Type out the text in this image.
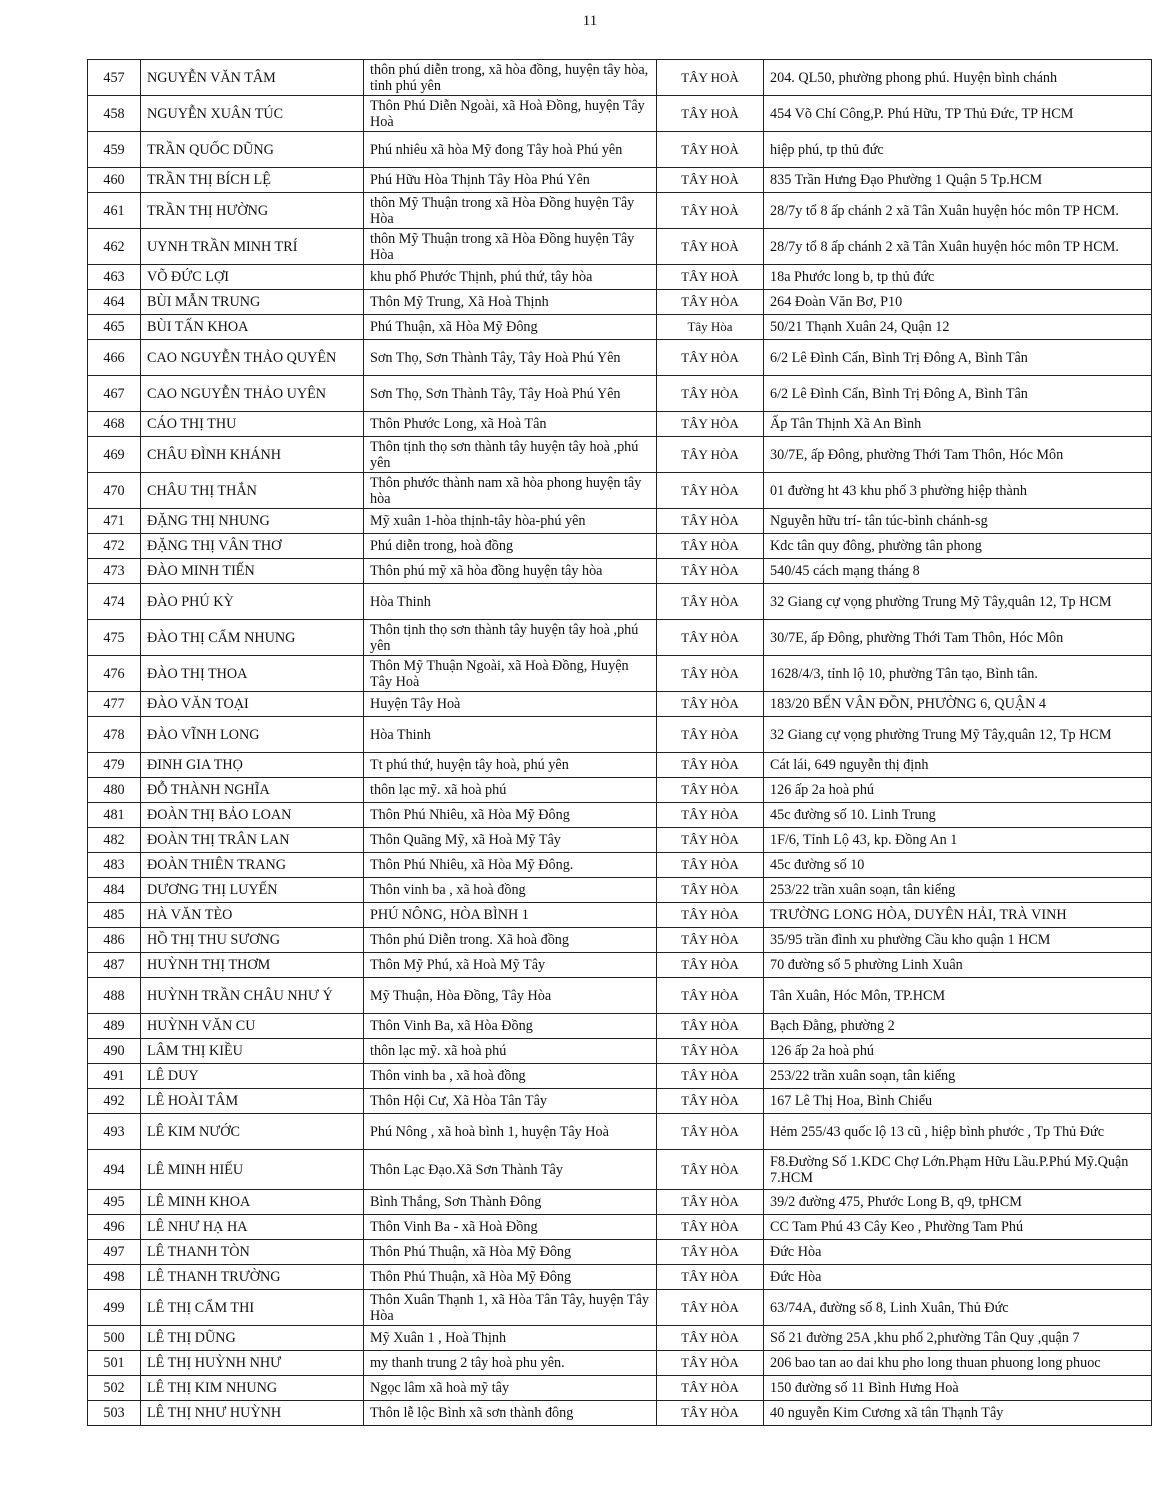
11
457	NGUYỄN VĂN TÂM	thôn phú diễn trong, xã hòa đồng, huyện tây hòa, tỉnh phú yên	TÂY HOÀ	204. QL50, phường phong phú. Huyện bình chánh
458	NGUYỄN XUÂN TÚC	Thôn Phú Diễn Ngoài, xã Hoà Đồng, huyện Tây Hoà	TÂY HOÀ	454 Võ Chí Công,P. Phú Hữu, TP Thủ Đức, TP HCM
459	TRẦN QUỐC DŨNG	Phú nhiêu xã hòa Mỹ đong Tây hoà Phú yên	TÂY HOÀ	hiệp phú, tp thủ đức
460	TRẦN THỊ BÍCH LỆ	Phú Hữu Hòa Thịnh Tây Hòa Phú Yên	TÂY HOÀ	835 Trần Hưng Đạo Phường 1 Quận 5 Tp.HCM
461	TRẦN THỊ HƯỜNG	thôn Mỹ Thuận trong xã Hòa Đồng huyện Tây Hòa	TÂY HOÀ	28/7y tổ 8 ấp chánh 2 xã Tân Xuân huyện hóc môn TP HCM.
462	UYNH TRẦN MINH TRÍ	thôn Mỹ Thuận trong xã Hòa Đồng huyện Tây Hòa	TÂY HOÀ	28/7y tổ 8 ấp chánh 2 xã Tân Xuân huyện hóc môn TP HCM.
463	VÕ ĐỨC LỢI	khu phố Phước Thịnh, phú thứ, tây hòa	TÂY HOÀ	18a Phước long b, tp thủ đức
464	BÙI MẪN TRUNG	Thôn Mỹ Trung, Xã Hoà Thịnh	TÂY HÒA	264 Đoàn Văn Bơ, P10
465	BÙI TẤN KHOA	Phú Thuận, xã Hòa Mỹ Đông	Tây Hòa	50/21 Thạnh Xuân 24, Quận 12
466	CAO NGUYỄN THẢO QUYÊN	Sơn Thọ, Sơn Thành Tây, Tây Hoà Phú Yên	TÂY HÒA	6/2 Lê Đình Cẩn, Bình Trị Đông A, Bình Tân
467	CAO NGUYỄN THẢO UYÊN	Sơn Thọ, Sơn Thành Tây, Tây Hoà Phú Yên	TÂY HÒA	6/2 Lê Đình Cẩn, Bình Trị Đông A, Bình Tân
468	CÁO THỊ THU	Thôn Phước Long, xã Hoà Tân	TÂY HÒA	Ấp Tân Thịnh Xã An Bình
469	CHÂU ĐÌNH KHÁNH	Thôn tịnh thọ sơn thành tây huyện tây hoà ,phú yên	TÂY HÒA	30/7E, ấp Đông, phường Thới Tam Thôn, Hóc Môn
470	CHÂU THỊ THẮN	Thôn phước thành nam xã hòa phong huyện tây hòa	TÂY HÒA	01 đường ht 43 khu phố 3 phường hiệp thành
471	ĐẶNG THỊ NHUNG	Mỹ xuân 1-hòa thịnh-tây hòa-phú yên	TÂY HÒA	Nguyễn hữu trí- tân túc-bình chánh-sg
472	ĐẶNG THỊ VÂN THƠ	Phú diễn trong, hoà đồng	TÂY HÒA	Kdc tân quy đông, phường tân phong
473	ĐÀO MINH TIẾN	Thôn phú mỹ xã hòa đồng huyện tây hòa	TÂY HÒA	540/45 cách mạng tháng 8
474	ĐÀO PHÚ KỲ	Hòa Thinh	TÂY HÒA	32 Giang cự vọng phường Trung Mỹ Tây,quân 12, Tp HCM
475	ĐÀO THỊ CẨM NHUNG	Thôn tịnh thọ sơn thành tây huyện tây hoà ,phú yên	TÂY HÒA	30/7E, ấp Đông, phường Thới Tam Thôn, Hóc Môn
476	ĐÀO THỊ THOA	Thôn Mỹ Thuận Ngoài, xã Hoà Đồng, Huyện Tây Hoà	TÂY HÒA	1628/4/3, tỉnh lộ 10, phường Tân tạo, Bình tân.
477	ĐÀO VĂN TOẠI	Huyện Tây Hoà	TÂY HÒA	183/20 BẾN VÂN ĐỒN, PHƯỜNG 6, QUẬN 4
478	ĐÀO VĨNH LONG	Hòa Thinh	TÂY HÒA	32 Giang cự vọng phường Trung Mỹ Tây,quân 12, Tp HCM
479	ĐINH GIA THỌ	Tt phú thứ, huyện tây hoà, phú yên	TÂY HÒA	Cát lái, 649 nguyễn thị định
480	ĐỖ THÀNH NGHĨA	thôn lạc mỹ. xã hoà phú	TÂY HÒA	126 ấp 2a hoà phú
481	ĐOÀN THỊ BẢO LOAN	Thôn Phú Nhiêu, xã Hòa Mỹ Đông	TÂY HÒA	45c đường số 10. Linh Trung
482	ĐOÀN THỊ TRÂN LAN	Thôn Quãng Mỹ, xã Hoà Mỹ Tây	TÂY HÒA	1F/6, Tỉnh Lộ 43, kp. Đồng An 1
483	ĐOÀN THIÊN TRANG	Thôn Phú Nhiêu, xã Hòa Mỹ Đông.	TÂY HÒA	45c đường số 10
484	DƯƠNG THỊ LUYẾN	Thôn vinh ba , xã hoà đồng	TÂY HÒA	253/22 trần xuân soạn, tân kiểng
485	HÀ VĂN TÈO	PHÚ NÔNG, HÒA BÌNH 1	TÂY HÒA	TRƯỜNG LONG HÒA, DUYÊN HẢI, TRÀ VINH
486	HỒ THỊ THU SƯƠNG	Thôn phú Diễn trong. Xã hoà đồng	TÂY HÒA	35/95 trần đình xu phường Cầu kho quận 1 HCM
487	HUỲNH THỊ THƠM	Thôn Mỹ Phú, xã Hoà Mỹ Tây	TÂY HÒA	70 đường số 5 phường Linh Xuân
488	HUỲNH TRẦN CHÂU NHƯ Ý	Mỹ Thuận, Hòa Đồng, Tây Hòa	TÂY HÒA	Tân Xuân, Hóc Môn, TP.HCM
489	HUỲNH VĂN CU	Thôn Vinh Ba, xã Hòa Đồng	TÂY HÒA	Bạch Đằng, phường 2
490	LÂM THỊ KIỀU	thôn lạc mỹ. xã hoà phú	TÂY HÒA	126 ấp 2a hoà phú
491	LÊ DUY	Thôn vinh ba , xã hoà đồng	TÂY HÒA	253/22 trần xuân soạn, tân kiểng
492	LÊ HOÀI TÂM	Thôn Hội Cư, Xã Hòa Tân Tây	TÂY HÒA	167 Lê Thị Hoa, Bình Chiểu
493	LÊ KIM NƯỚC	Phú Nông , xã hoà bình 1, huyện Tây Hoà	TÂY HÒA	Hẻm 255/43 quốc lộ 13 cũ , hiệp bình phước , Tp Thủ Đức
494	LÊ MINH HIẾU	Thôn Lạc Đạo.Xã Sơn Thành Tây	TÂY HÒA	F8.Đường Số 1.KDC Chợ Lớn.Phạm Hữu Lầu.P.Phú Mỹ.Quận 7.HCM
495	LÊ MINH KHOA	Bình Thắng, Sơn Thành Đông	TÂY HÒA	39/2 đường 475, Phước Long B, q9, tpHCM
496	LÊ NHƯ HẠ HA	Thôn Vinh Ba - xã Hoà Đồng	TÂY HÒA	CC Tam Phú 43 Cây Keo , Phường Tam Phú
497	LÊ THANH TÒN	Thôn Phú Thuận, xã Hòa Mỹ Đông	TÂY HÒA	Đức Hòa
498	LÊ THANH TRƯỜNG	Thôn Phú Thuận, xã Hòa Mỹ Đông	TÂY HÒA	Đức Hòa
499	LÊ THỊ CẨM THI	Thôn Xuân Thạnh 1, xã Hòa Tân Tây, huyện Tây Hòa	TÂY HÒA	63/74A, đường số 8, Linh Xuân, Thủ Đức
500	LÊ THỊ DŨNG	Mỹ Xuân 1 , Hoà Thịnh	TÂY HÒA	Số 21 đường 25A ,khu phố 2,phường Tân Quy ,quận 7
501	LÊ THỊ HUỲNH NHƯ	my thanh trung 2 tây hoà phu yên.	TÂY HÒA	206 bao tan ao dai khu pho long thuan phuong long phuoc
502	LÊ THỊ KIM NHUNG	Ngọc lâm xã hoà mỹ tây	TÂY HÒA	150 đường số 11 Bình Hưng Hoà
503	LÊ THỊ NHƯ HUỲNH	Thôn lễ lộc Bình xã sơn thành đông	TÂY HÒA	40 nguyễn Kim Cương xã tân Thạnh Tây
